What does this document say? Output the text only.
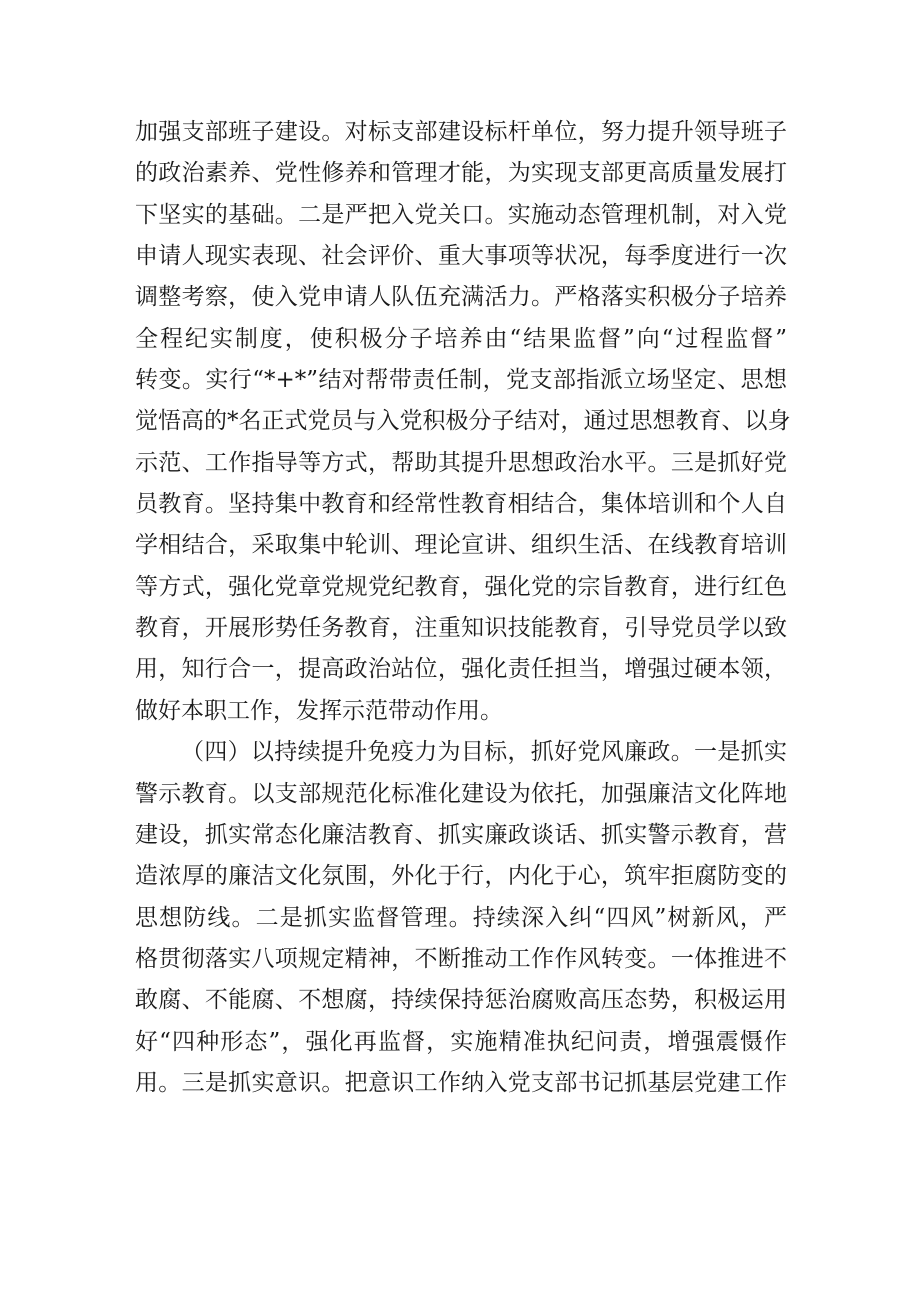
加强支部班子建设。对标支部建设标杆单位，努力提升领导班子
的政治素养、党性修养和管理才能，为实现支部更高质量发展打
下坚实的基础。二是严把入党关口。实施动态管理机制，对入党
申请人现实表现、社会评价、重大事项等状况，每季度进行一次
调整考察，使入党申请人队伍充满活力。严格落实积极分子培养
全程纪实制度，使积极分子培养由“结果监督”向“过程监督”
转变。实行“*+*”结对帮带责任制，党支部指派立场坚定、思想
觉悟高的*名正式党员与入党积极分子结对，通过思想教育、以身
示范、工作指导等方式，帮助其提升思想政治水平。三是抓好党
员教育。坚持集中教育和经常性教育相结合，集体培训和个人自
学相结合，采取集中轮训、理论宣讲、组织生活、在线教育培训
等方式，强化党章党规党纪教育，强化党的宗旨教育，进行红色
教育，开展形势任务教育，注重知识技能教育，引导党员学以致
用，知行合一，提高政治站位，强化责任担当，增强过硬本领，
做好本职工作，发挥示范带动作用。
（四）以持续提升免疫力为目标，抓好党风廉政。一是抓实
警示教育。以支部规范化标准化建设为依托，加强廉洁文化阵地
建设，抓实常态化廉洁教育、抓实廉政谈话、抓实警示教育，营
造浓厚的廉洁文化氛围，外化于行，内化于心，筑牢拒腐防变的
思想防线。二是抓实监督管理。持续深入纠“四风”树新风，严
格贯彻落实八项规定精神，不断推动工作作风转变。一体推进不
敢腐、不能腐、不想腐，持续保持惩治腐败高压态势，积极运用
好“四种形态”，强化再监督，实施精准执纪问责，增强震慑作
用。三是抓实意识。把意识工作纳入党支部书记抓基层党建工作
